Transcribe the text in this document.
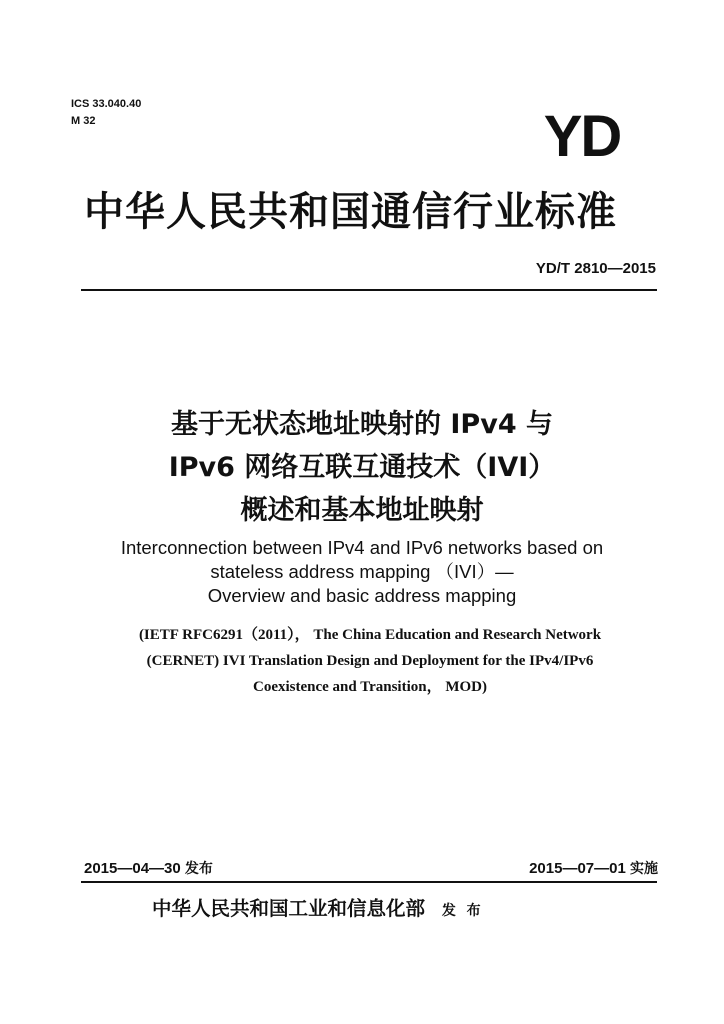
ICS 33.040.40
M 32	YD
中华人民共和国通信行业标准
YD/T 2810—2015
基于无状态地址映射的 IPv4 与
IPv6 网络互联互通技术（IVI）
概述和基本地址映射
Interconnection between IPv4 and IPv6 networks based on
stateless address mapping （IVI）—
Overview and basic address mapping
(IETF RFC6291（2011）， The China Education and Research Network
(CERNET) IVI Translation Design and Deployment for the IPv4/IPv6
Coexistence and Transition， MOD)
2015—04—30 发布	2015—07—01 实施
中华人民共和国工业和信息化部 发 布
